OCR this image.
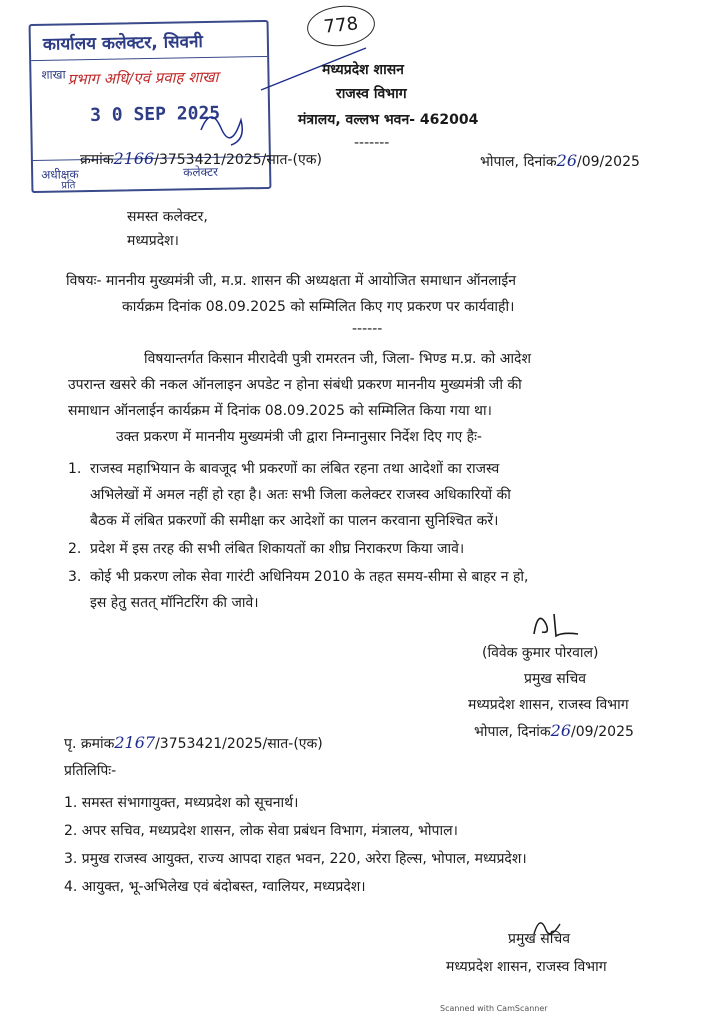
कार्यालय कलेक्टर, सिवनी
शाखा प्रभाग अधि/एवं प्रवाह शाखा
3 0 SEP 2025
अधीक्षक
प्रति
कलेक्टर
778
मध्यप्रदेश शासन
राजस्व विभाग
मंत्रालय, वल्लभ भवन- 462004
-------
क्रमांक2166/3753421/2025/सात-(एक)	भोपाल, दिनांक26/09/2025
समस्त कलेक्टर,
मध्यप्रदेश।
विषयः- माननीय मुख्यमंत्री जी, म.प्र. शासन की अध्यक्षता में आयोजित समाधान ऑनलाईन
कार्यक्रम दिनांक 08.09.2025 को सम्मिलित किए गए प्रकरण पर कार्यवाही।
------
विषयान्तर्गत किसान मीरादेवी पुत्री रामरतन जी, जिला- भिण्ड म.प्र. को आदेश
उपरान्त खसरे की नकल ऑनलाइन अपडेट न होना संबंधी प्रकरण माननीय मुख्यमंत्री जी की
समाधान ऑनलाईन कार्यक्रम में दिनांक 08.09.2025 को सम्मिलित किया गया था।
उक्त प्रकरण में माननीय मुख्यमंत्री जी द्वारा निम्नानुसार निर्देश दिए गए हैः-
1. राजस्व महाभियान के बावजूद भी प्रकरणों का लंबित रहना तथा आदेशों का राजस्व
अभिलेखों में अमल नहीं हो रहा है। अतः सभी जिला कलेक्टर राजस्व अधिकारियों की
बैठक में लंबित प्रकरणों की समीक्षा कर आदेशों का पालन करवाना सुनिश्चित करें।
2. प्रदेश में इस तरह की सभी लंबित शिकायतों का शीघ्र निराकरण किया जावे।
3. कोई भी प्रकरण लोक सेवा गारंटी अधिनियम 2010 के तहत समय-सीमा से बाहर न हो,
इस हेतु सतत् मॉनिटरिंग की जावे।
(विवेक कुमार पोरवाल)
प्रमुख सचिव
मध्यप्रदेश शासन, राजस्व विभाग
भोपाल, दिनांक26/09/2025
पृ. क्रमांक2167/3753421/2025/सात-(एक)
प्रतिलिपिः-
1. समस्त संभागायुक्त, मध्यप्रदेश को सूचनार्थ।
2. अपर सचिव, मध्यप्रदेश शासन, लोक सेवा प्रबंधन विभाग, मंत्रालय, भोपाल।
3. प्रमुख राजस्व आयुक्त, राज्य आपदा राहत भवन, 220, अरेरा हिल्स, भोपाल, मध्यप्रदेश।
4. आयुक्त, भू-अभिलेख एवं बंदोबस्त, ग्वालियर, मध्यप्रदेश।
प्रमुख सचिव
मध्यप्रदेश शासन, राजस्व विभाग
Scanned with CamScanner
